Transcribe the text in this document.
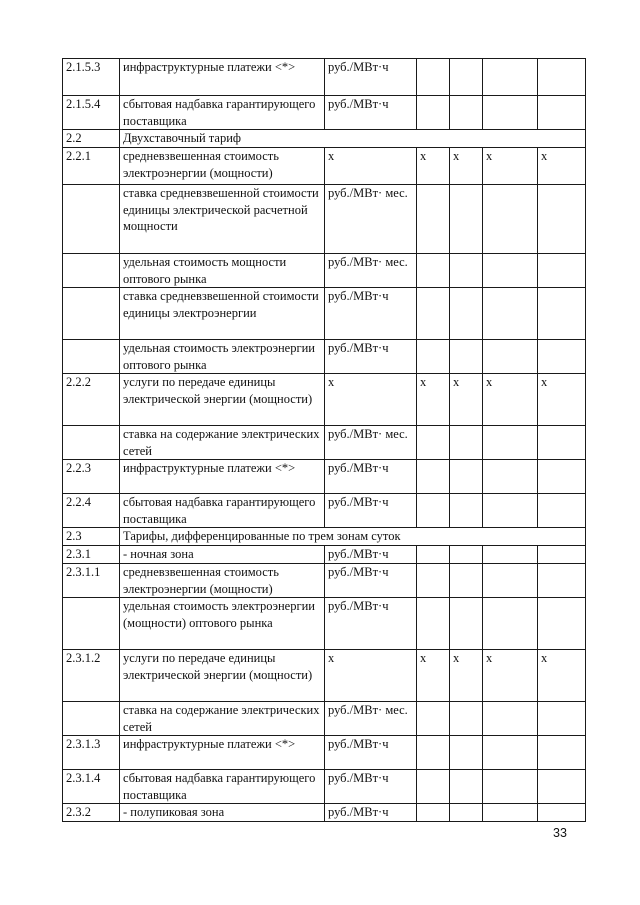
2.1.5.3	инфраструктурные платежи <*>	руб./МВт·ч				
2.1.5.4	сбытовая надбавка гарантирующего поставщика	руб./МВт·ч				
2.2	Двухставочный тариф					
2.2.1	средневзвешенная стоимость электроэнергии (мощности)	х	х	х	х	х
	ставка средневзвешенной стоимости единицы электрической расчетной мощности	руб./МВт· мес.				
	удельная стоимость мощности оптового рынка	руб./МВт· мес.				
	ставка средневзвешенной стоимости единицы электроэнергии	руб./МВт·ч				
	удельная стоимость электроэнергии оптового рынка	руб./МВт·ч				
2.2.2	услуги по передаче единицы электрической энергии (мощности)	х	х	х	х	х
	ставка на содержание электрических сетей	руб./МВт· мес.				
2.2.3	инфраструктурные платежи <*>	руб./МВт·ч				
2.2.4	сбытовая надбавка гарантирующего поставщика	руб./МВт·ч				
2.3	Тарифы, дифференцированные по трем зонам суток					
2.3.1	- ночная зона	руб./МВт·ч				
2.3.1.1	средневзвешенная стоимость электроэнергии (мощности)	руб./МВт·ч				
	удельная стоимость электроэнергии (мощности) оптового рынка	руб./МВт·ч				
2.3.1.2	услуги по передаче единицы электрической энергии (мощности)	х	х	х	х	х
	ставка на содержание электрических сетей	руб./МВт· мес.				
2.3.1.3	инфраструктурные платежи <*>	руб./МВт·ч				
2.3.1.4	сбытовая надбавка гарантирующего поставщика	руб./МВт·ч				
2.3.2	- полупиковая зона	руб./МВт·ч				
33
